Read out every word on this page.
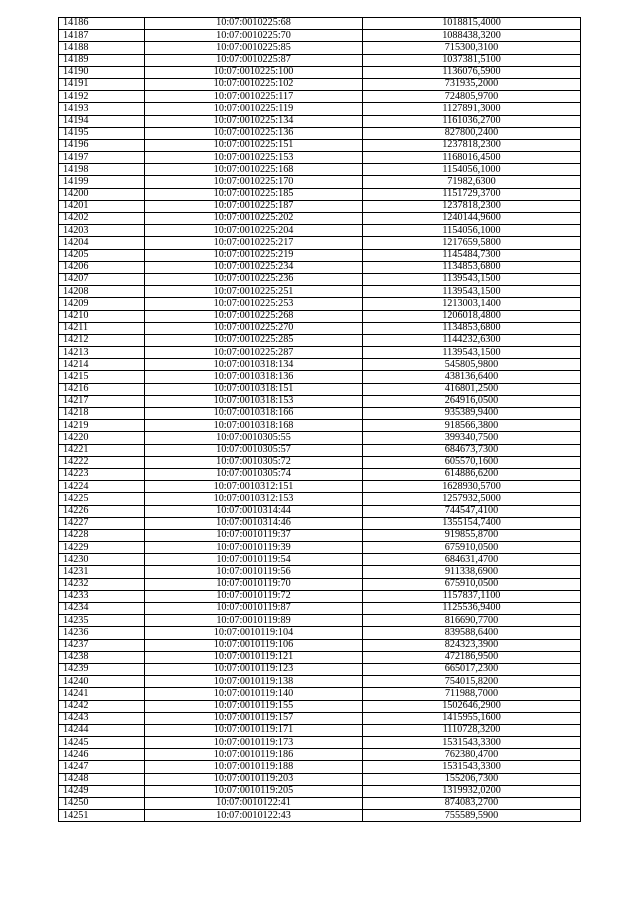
14186	10:07:0010225:68	1018815,4000
14187	10:07:0010225:70	1088438,3200
14188	10:07:0010225:85	715300,3100
14189	10:07:0010225:87	1037381,5100
14190	10:07:0010225:100	1136076,5900
14191	10:07:0010225:102	731935,2000
14192	10:07:0010225:117	724805,9700
14193	10:07:0010225:119	1127891,3000
14194	10:07:0010225:134	1161036,2700
14195	10:07:0010225:136	827800,2400
14196	10:07:0010225:151	1237818,2300
14197	10:07:0010225:153	1168016,4500
14198	10:07:0010225:168	1154056,1000
14199	10:07:0010225:170	71982,6300
14200	10:07:0010225:185	1151729,3700
14201	10:07:0010225:187	1237818,2300
14202	10:07:0010225:202	1240144,9600
14203	10:07:0010225:204	1154056,1000
14204	10:07:0010225:217	1217659,5800
14205	10:07:0010225:219	1145484,7300
14206	10:07:0010225:234	1134853,6800
14207	10:07:0010225:236	1139543,1500
14208	10:07:0010225:251	1139543,1500
14209	10:07:0010225:253	1213003,1400
14210	10:07:0010225:268	1206018,4800
14211	10:07:0010225:270	1134853,6800
14212	10:07:0010225:285	1144232,6300
14213	10:07:0010225:287	1139543,1500
14214	10:07:0010318:134	545805,9800
14215	10:07:0010318:136	438136,6400
14216	10:07:0010318:151	416801,2500
14217	10:07:0010318:153	264916,0500
14218	10:07:0010318:166	935389,9400
14219	10:07:0010318:168	918566,3800
14220	10:07:0010305:55	399340,7500
14221	10:07:0010305:57	684673,7300
14222	10:07:0010305:72	605570,1600
14223	10:07:0010305:74	614886,6200
14224	10:07:0010312:151	1628930,5700
14225	10:07:0010312:153	1257932,5000
14226	10:07:0010314:44	744547,4100
14227	10:07:0010314:46	1355154,7400
14228	10:07:0010119:37	919855,8700
14229	10:07:0010119:39	675910,0500
14230	10:07:0010119:54	684631,4700
14231	10:07:0010119:56	911338,6900
14232	10:07:0010119:70	675910,0500
14233	10:07:0010119:72	1157837,1100
14234	10:07:0010119:87	1125536,9400
14235	10:07:0010119:89	816690,7700
14236	10:07:0010119:104	839588,6400
14237	10:07:0010119:106	824323,3900
14238	10:07:0010119:121	472186,9500
14239	10:07:0010119:123	665017,2300
14240	10:07:0010119:138	754015,8200
14241	10:07:0010119:140	711988,7000
14242	10:07:0010119:155	1502646,2900
14243	10:07:0010119:157	1415955,1600
14244	10:07:0010119:171	1110728,3200
14245	10:07:0010119:173	1531543,3300
14246	10:07:0010119:186	762380,4700
14247	10:07:0010119:188	1531543,3300
14248	10:07:0010119:203	155206,7300
14249	10:07:0010119:205	1319932,0200
14250	10:07:0010122:41	874083,2700
14251	10:07:0010122:43	755589,5900
